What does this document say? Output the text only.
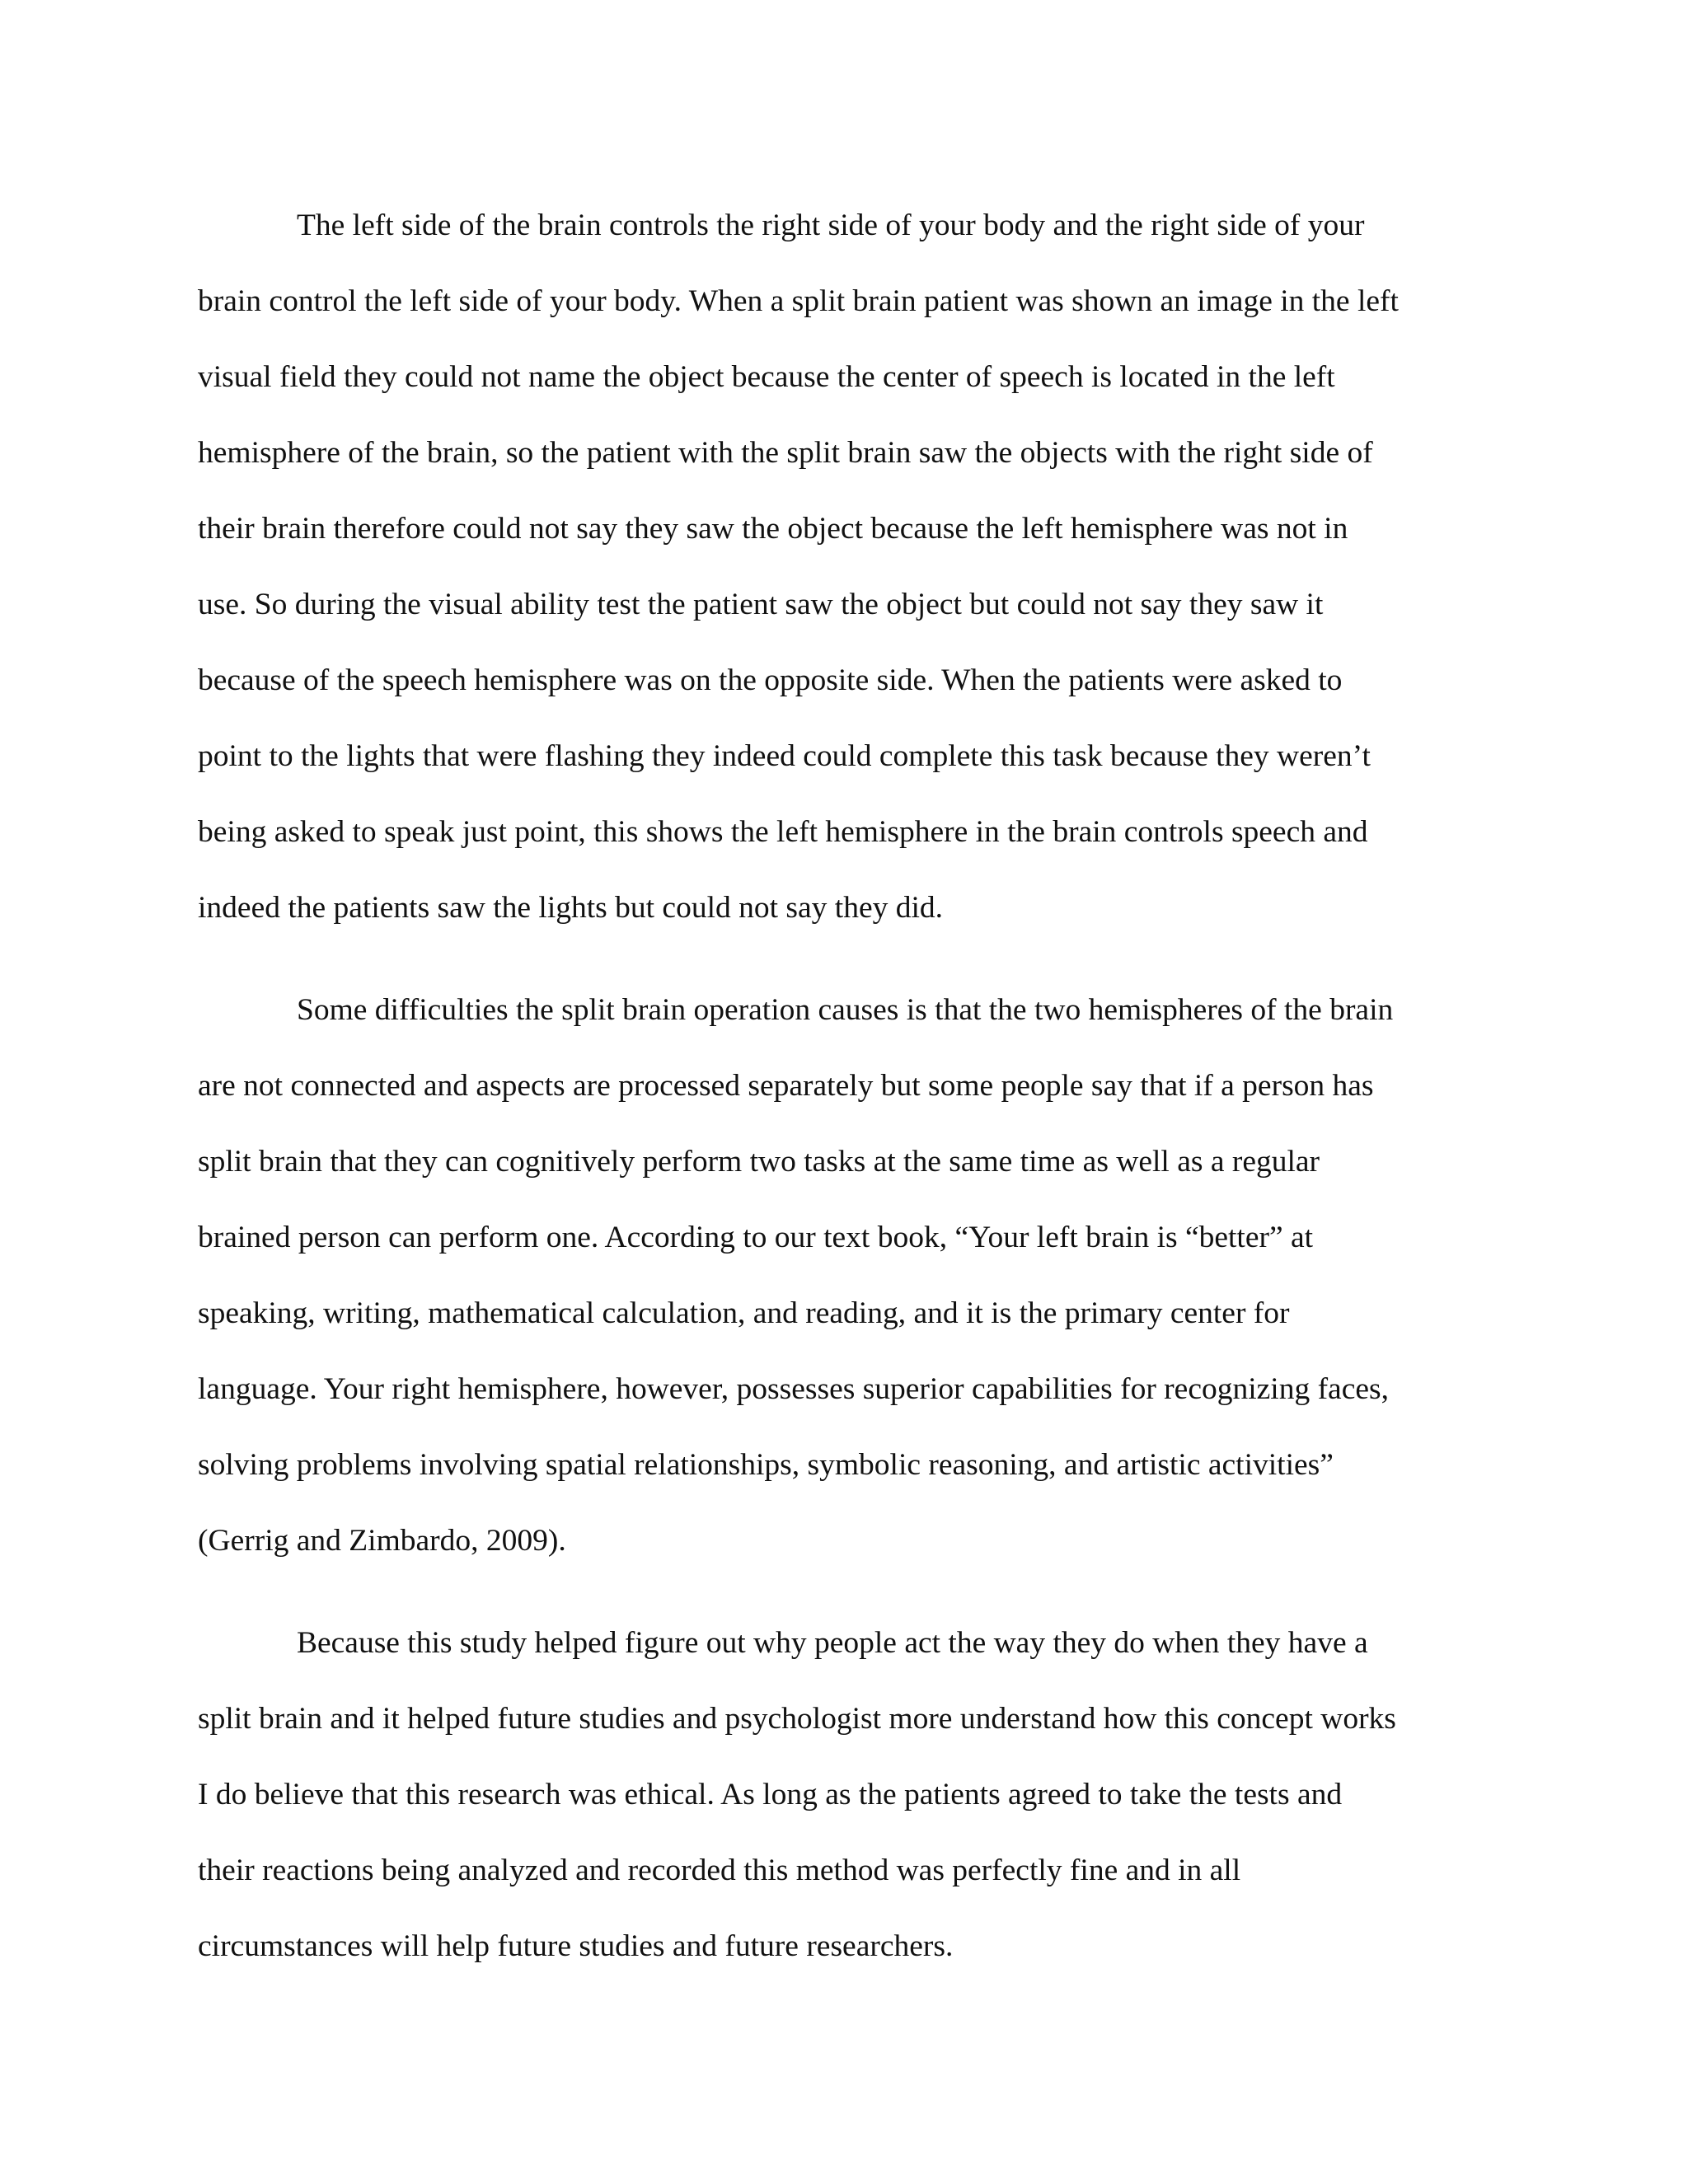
The left side of the brain controls the right side of your body and the right side of your
brain control the left side of your body. When a split brain patient was shown an image in the left
visual field they could not name the object because the center of speech is located in the left
hemisphere of the brain, so the patient with the split brain saw the objects with the right side of
their brain therefore could not say they saw the object because the left hemisphere was not in
use. So during the visual ability test the patient saw the object but could not say they saw it
because of the speech hemisphere was on the opposite side. When the patients were asked to
point to the lights that were flashing they indeed could complete this task because they weren’t
being asked to speak just point, this shows the left hemisphere in the brain controls speech and
indeed the patients saw the lights but could not say they did.
Some difficulties the split brain operation causes is that the two hemispheres of the brain
are not connected and aspects are processed separately but some people say that if a person has
split brain that they can cognitively perform two tasks at the same time as well as a regular
brained person can perform one. According to our text book, “Your left brain is “better” at
speaking, writing, mathematical calculation, and reading, and it is the primary center for
language. Your right hemisphere, however, possesses superior capabilities for recognizing faces,
solving problems involving spatial relationships, symbolic reasoning, and artistic activities”
(Gerrig and Zimbardo, 2009).
Because this study helped figure out why people act the way they do when they have a
split brain and it helped future studies and psychologist more understand how this concept works
I do believe that this research was ethical. As long as the patients agreed to take the tests and
their reactions being analyzed and recorded this method was perfectly fine and in all
circumstances will help future studies and future researchers.
